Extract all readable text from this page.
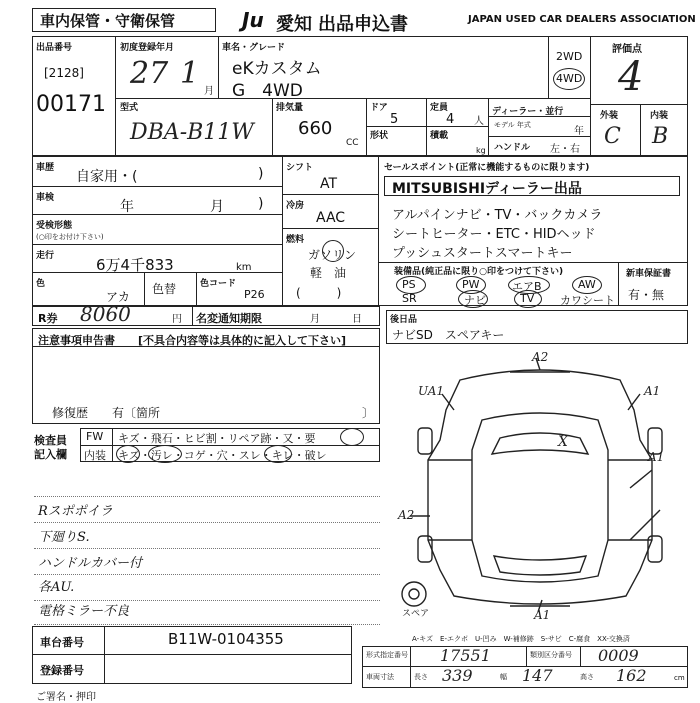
車内保管・守衛保管	Ju 愛知 出品申込書	JAPAN USED CAR DEALERS ASSOCIATION
出品番号
[2128]
00171
初度登録年月
27 1
月
車名・グレード
eKカスタム
G　4WD
2WD
4WD
評価点
4
外装	内装
C B
型式
DBA-B11W
排気量
660
CC
ドア
5
形状
定員
4 人
積載
kg
ディーラー・並行
モデル 年式
年
ハンドル 左・右
車歴
自家用・(	)
車検
年	月 )
受検形態
(○印をお付け下さい)
走行	6万4千833	km
色
アカ
色替	色コード
P26
シフト
AT
冷房
AAC
燃料
ガソリン
軽　油
(　　　)
セールスポイント(正常に機能するものに限ります)
MITSUBISHIディーラー出品
アルパインナビ・TV・バックカメラ
シートヒーター・ETC・HIDヘッド
プッシュスタートスマートキー
装備品(純正品に限り○印をつけて下さい)
PS	PW	エアB	AW
SR	ナビ	TV カワシート
新車保証書
有・無
R券 8060	円 名変通知期限	月	日	後日品
ナビSD　スペアキー
注意事項申告書 [不具合内容等は具体的に記入して下さい]
修復歴　　有〔箇所	〕
検査員
記入欄
FW キズ・飛石・ヒビ割・リペア跡・又・要
内装 キズ・汚レ・コゲ・穴・スレ・キレ・破レ
Rスポポイラ
下廻りS.
ハンドルカバー付
各AU.
電格ミラー不良
A2
UA1	A1
A1
A2
X
A1
スペア
A-キズ　E-エクボ　U-凹み　W-補修跡　S-サビ　C-腐食　XX-交換済
車台番号	B11W-0104355
登録番号
形式指定番号 17551	類別区分番号 0009
車両寸法	長さ 339	幅 147	高さ 162	cm
ご署名・押印
